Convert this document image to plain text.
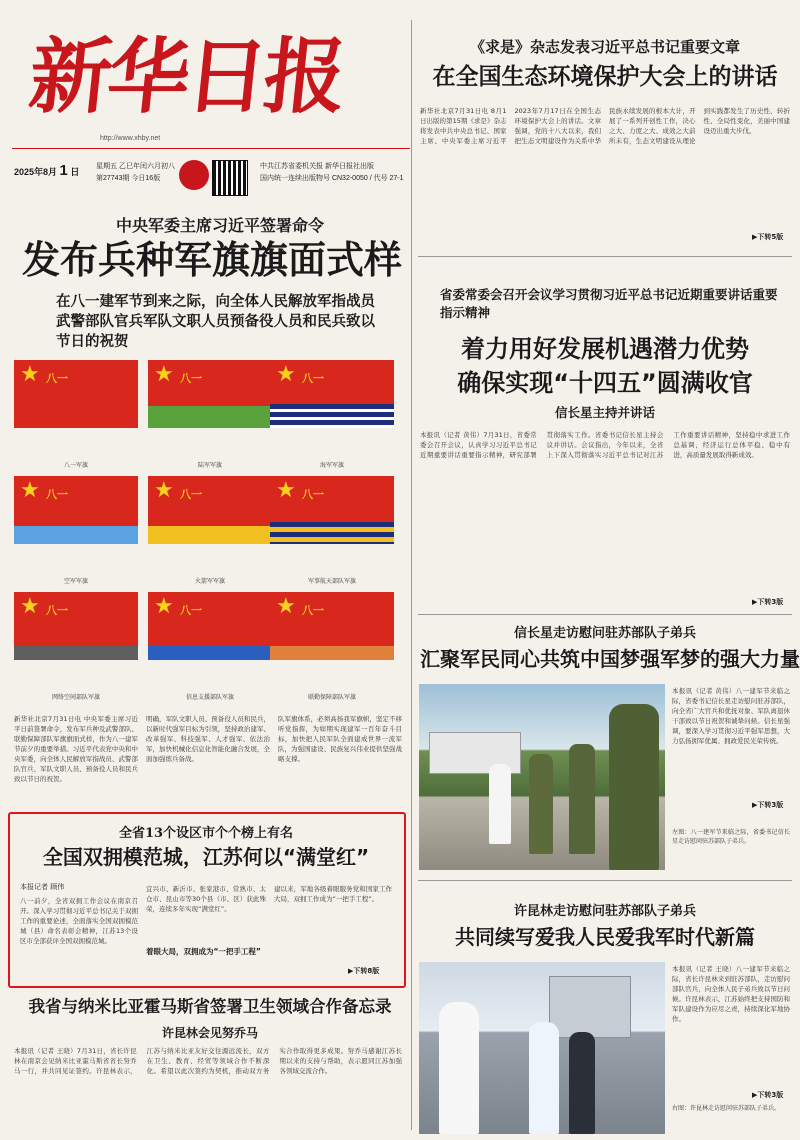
新华日报
http://www.xhby.net
2025年8月 1 日
星期五 乙巳年闰六月初八
第27743期 今日16版
中共江苏省委机关报 新华日报社出版
国内统一连续出版物号 CN32-0050 / 代号 27-1
中央军委主席习近平签署命令
发布兵种军旗旗面式样
在八一建军节到来之际，向全体人民解放军指战员武警部队官兵军队文职人员预备役人员和民兵致以节日的祝贺
★ 八一
八一军旗
★ 八一
陆军军旗
★ 八一
海军军旗
★ 八一
空军军旗
★ 八一
火箭军军旗
★ 八一
军事航天部队军旗
★ 八一
网络空间部队军旗
★ 八一
信息支援部队军旗
★ 八一
联勤保障部队军旗
新华社北京7月31日电 中央军委主席习近平日前签署命令，发布军兵种及武警部队、联勤保障部队军旗旗面式样，作为八一建军节前夕的重要举措。习近平代表党中央和中央军委，向全体人民解放军指战员、武警部队官兵、军队文职人员、预备役人员和民兵致以节日的祝贺。
明确，军队文职人员、预备役人员和民兵，以新时代强军目标为引领，坚持政治建军、改革强军、科技强军、人才强军、依法治军，加快机械化信息化智能化融合发展，全面加强练兵备战。
队军旗体系，必须高扬我军旗帜，坚定不移听党指挥，为如期实现建军一百年奋斗目标，加快把人民军队全面建成世界一流军队，为强国建设、民族复兴伟业提供坚强战略支撑。
全省13个设区市个个榜上有名
全国双拥模范城，江苏何以“满堂红”
本报记者 顾伟
八一前夕，全省双拥工作会议在南京召开。深入学习贯彻习近平总书记关于双拥工作的重要论述，全面落实全国双拥模范城（县）命名表彰会精神，江苏13个设区市全部获评全国双拥模范城。
宜兴市、新沂市、张家港市、常熟市、太仓市、昆山市等30个县（市、区）获此殊荣，连续多年实现“满堂红”。
着眼大局，双拥成为“一把手工程”
建以来，军地各级着眼服务党和国家工作大局，双拥工作成为“一把手工程”。
▶下转8版
我省与纳米比亚霍马斯省签署卫生领域合作备忘录
许昆林会见努乔马
本报讯（记者 王晓）7月31日，省长许昆林在南京会见纳米比亚霍马斯省省长努乔马一行，并共同见证签约。许昆林表示，江苏与纳米比亚友好交往源远流长，双方在卫生、教育、经贸等领域合作不断深化。希望以此次签约为契机，推动双方务实合作取得更多成果。努乔马感谢江苏长期以来的支持与帮助，表示愿同江苏加强各领域交流合作。
《求是》杂志发表习近平总书记重要文章
在全国生态环境保护大会上的讲话
新华社北京7月31日电 8月1日出版的第15期《求是》杂志将发表中共中央总书记、国家主席、中央军委主席习近平2023年7月17日在全国生态环境保护大会上的讲话。文章强调，党的十八大以来，我们把生态文明建设作为关系中华民族永续发展的根本大计，开展了一系列开创性工作，决心之大、力度之大、成效之大前所未有，生态文明建设从理论到实践都发生了历史性、转折性、全局性变化，美丽中国建设迈出重大步伐。
▶下转5版
省委常委会召开会议学习贯彻习近平总书记近期重要讲话重要指示精神
着力用好发展机遇潜力优势
确保实现“十四五”圆满收官
信长星主持并讲话
本报讯（记者 黄伟）7月31日，省委常委会召开会议，认真学习习近平总书记近期重要讲话重要指示精神，研究部署贯彻落实工作。省委书记信长星主持会议并讲话。会议指出，今年以来，全省上下深入贯彻落实习近平总书记对江苏工作重要讲话精神，坚持稳中求进工作总基调，经济运行总体平稳、稳中有进，高质量发展取得新成效。
▶下转3版
信长星走访慰问驻苏部队子弟兵
汇聚军民同心共筑中国梦强军梦的强大力量
本报讯（记者 黄伟）八一建军节来临之际，省委书记信长星走访慰问驻苏部队，向全省广大官兵和优抚对象、军队离退休干部致以节日祝贺和诚挚问候。信长星强调，要深入学习贯彻习近平强军思想，大力弘扬拥军优属、拥政爱民光荣传统。
左图：八一建军节来临之际，省委书记信长星走访慰问驻苏部队子弟兵。
▶下转3版
许昆林走访慰问驻苏部队子弟兵
共同续写爱我人民爱我军时代新篇
本报讯（记者 王晓）八一建军节来临之际，省长许昆林来到驻苏部队，走访慰问部队官兵，向全体人民子弟兵致以节日问候。许昆林表示，江苏始终把支持国防和军队建设作为应尽之责，持续深化军地协作。
▶下转3版
右图：许昆林走访慰问驻苏部队子弟兵。
